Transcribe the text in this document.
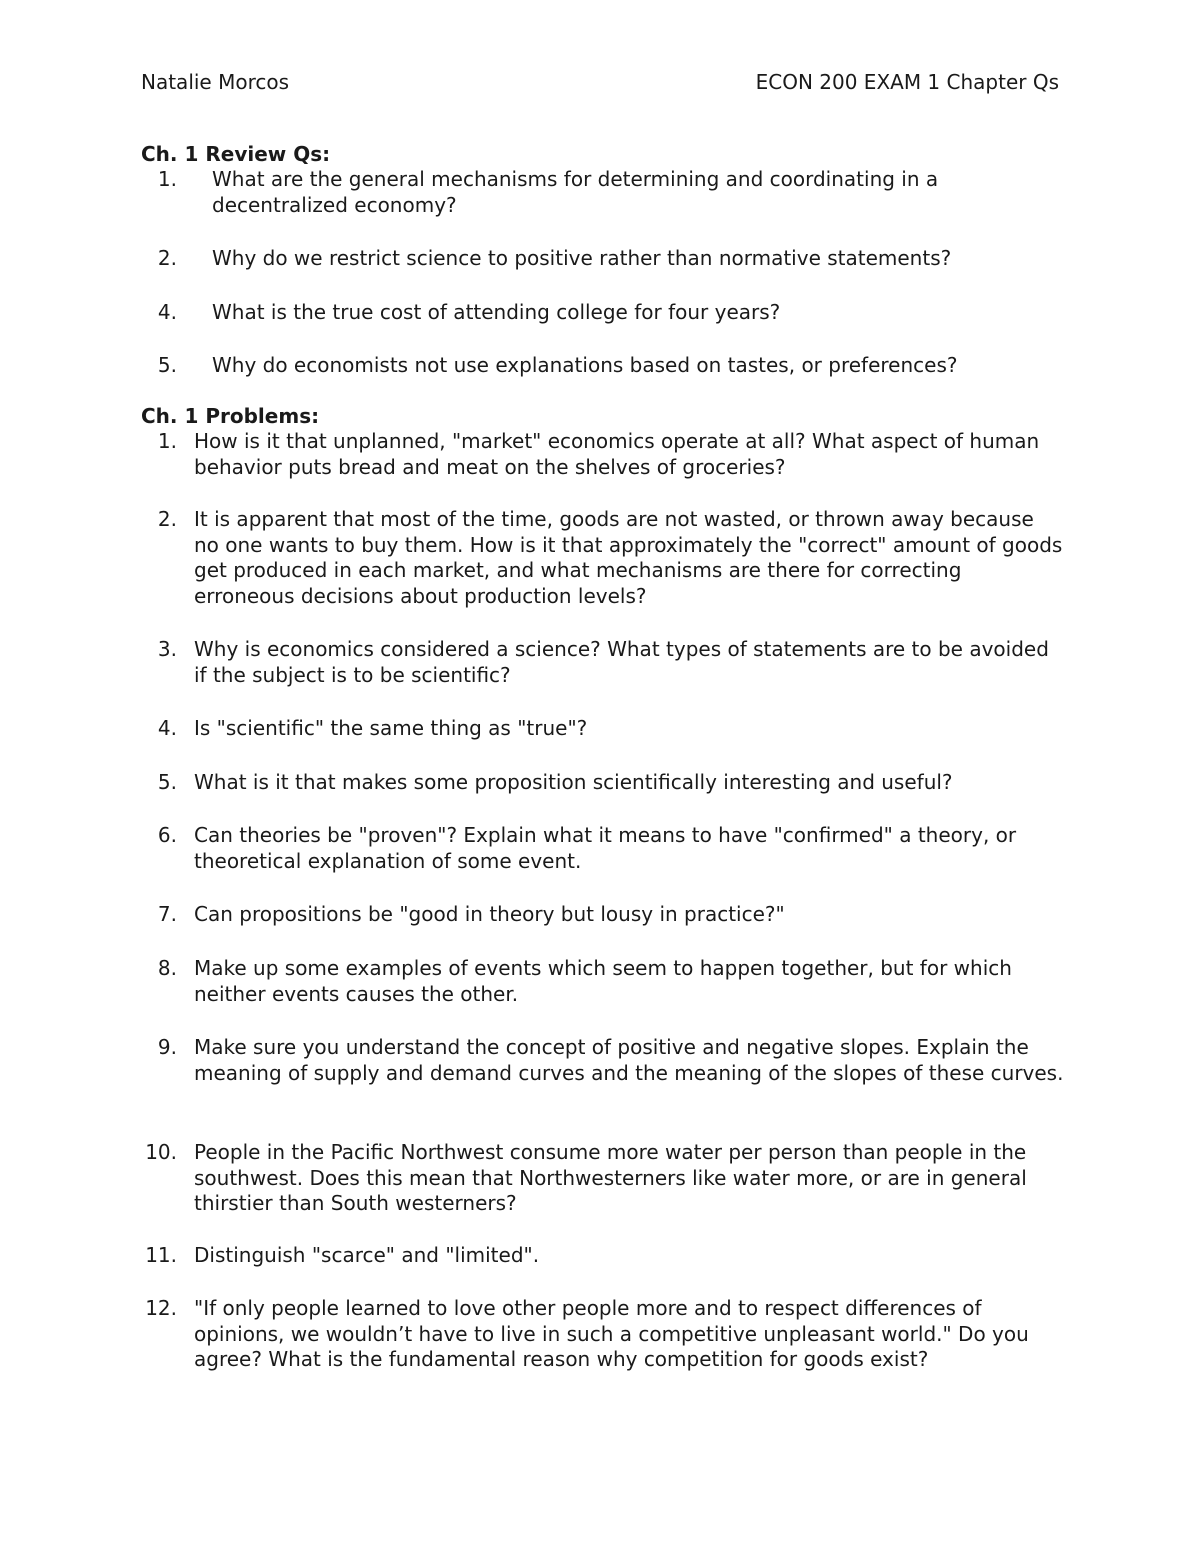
Natalie Morcos	ECON 200 EXAM 1 Chapter Qs
Ch. 1 Review Qs:
1. What are the general mechanisms for determining and coordinating in a decentralized economy?
2. Why do we restrict science to positive rather than normative statements?
4. What is the true cost of attending college for four years?
5. Why do economists not use explanations based on tastes, or preferences?
Ch. 1 Problems:
1. How is it that unplanned, "market" economics operate at all? What aspect of human behavior puts bread and meat on the shelves of groceries?
2. It is apparent that most of the time, goods are not wasted, or thrown away because no one wants to buy them. How is it that approximately the "correct" amount of goods get produced in each market, and what mechanisms are there for correcting erroneous decisions about production levels?
3. Why is economics considered a science? What types of statements are to be avoided if the subject is to be scientific?
4. Is "scientific" the same thing as "true"?
5. What is it that makes some proposition scientifically interesting and useful?
6. Can theories be "proven"? Explain what it means to have "confirmed" a theory, or theoretical explanation of some event.
7. Can propositions be "good in theory but lousy in practice?"
8. Make up some examples of events which seem to happen together, but for which neither events causes the other.
9. Make sure you understand the concept of positive and negative slopes. Explain the meaning of supply and demand curves and the meaning of the slopes of these curves.
10. People in the Pacific Northwest consume more water per person than people in the southwest. Does this mean that Northwesterners like water more, or are in general thirstier than South westerners?
11. Distinguish "scarce" and "limited".
12. "If only people learned to love other people more and to respect differences of opinions, we wouldn’t have to live in such a competitive unpleasant world." Do you agree? What is the fundamental reason why competition for goods exist?
